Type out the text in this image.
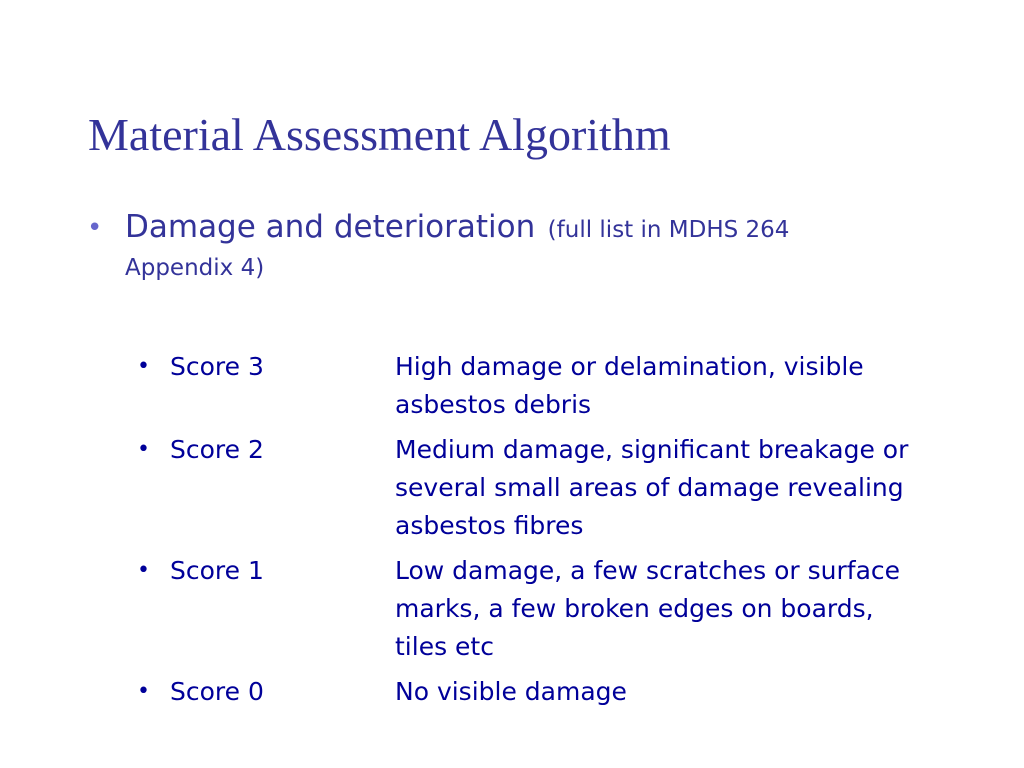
Material Assessment Algorithm
• Damage and deterioration (full list in MDHS 264 Appendix 4)
• Score 3	High damage or delamination, visible asbestos debris
• Score 2	Medium damage, significant breakage or several small areas of damage revealing asbestos fibres
• Score 1	Low damage, a few scratches or surface marks, a few broken edges on boards, tiles etc
• Score 0	No visible damage
